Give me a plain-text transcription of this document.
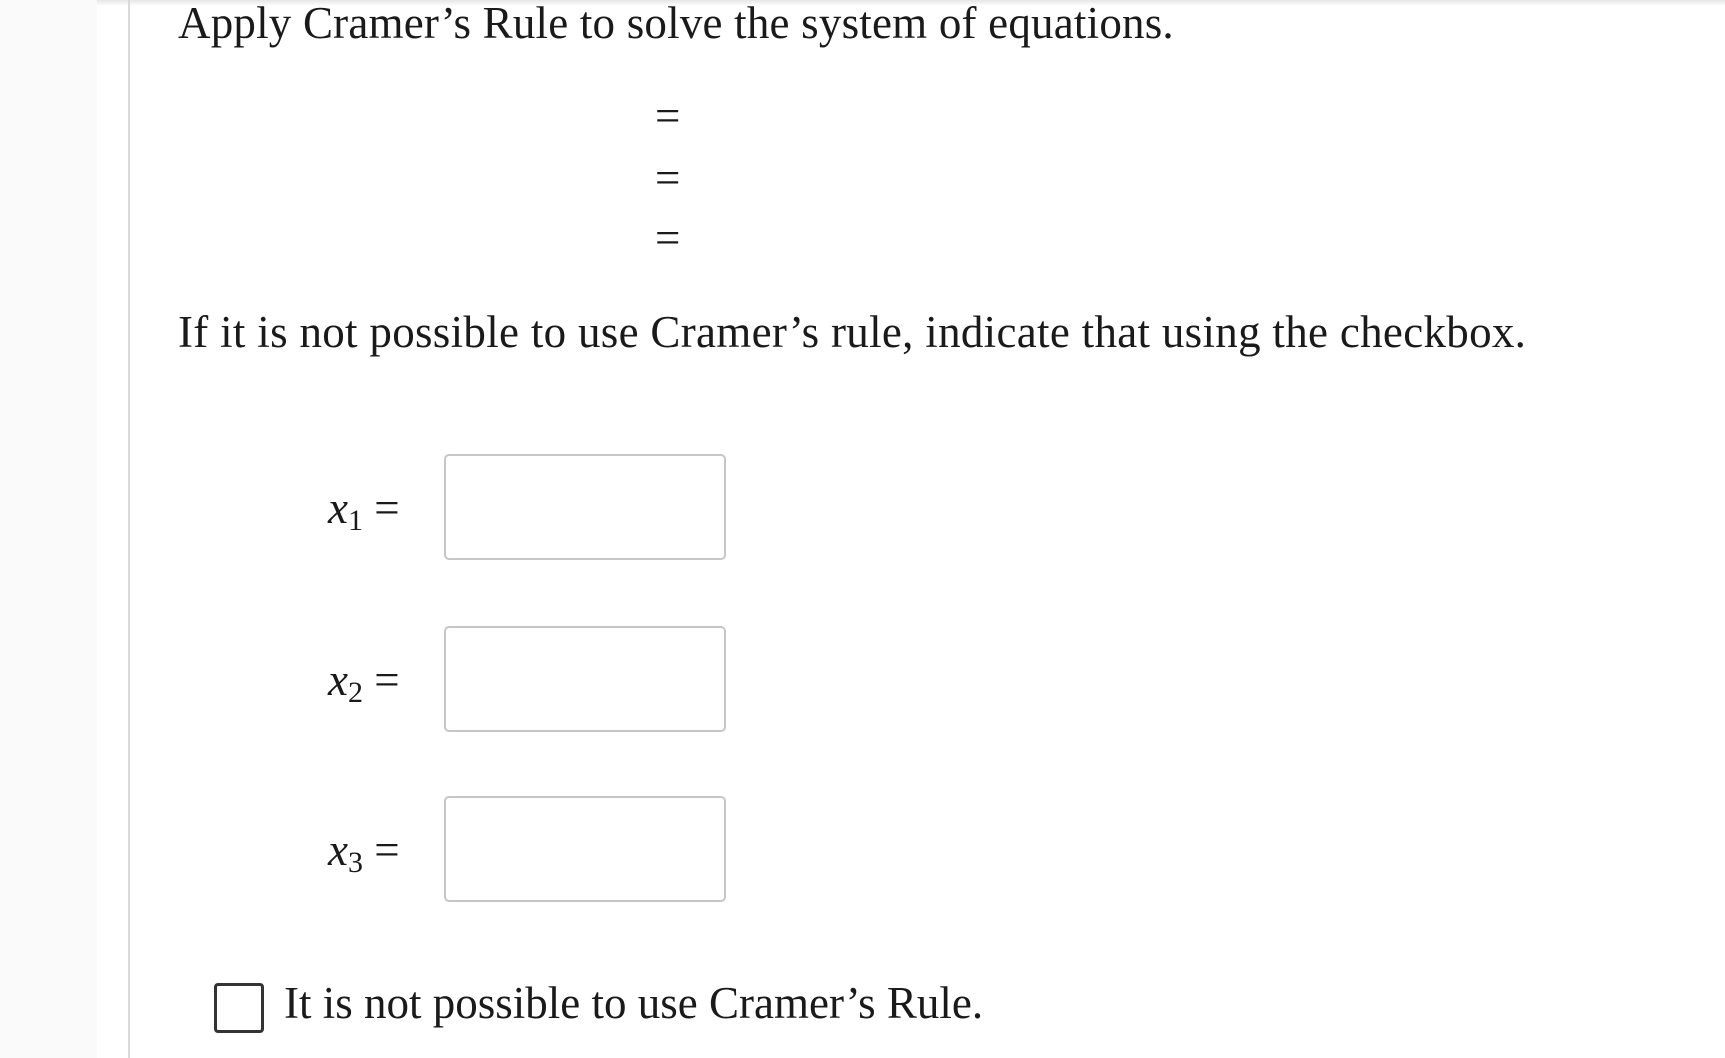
Apply Cramer’s Rule to solve the system of equations.
=
=
=
If it is not possible to use Cramer’s rule, indicate that using the checkbox.
$x_1$ =
$x_2$ =
$x_3$ =
It is not possible to use Cramer’s Rule.
